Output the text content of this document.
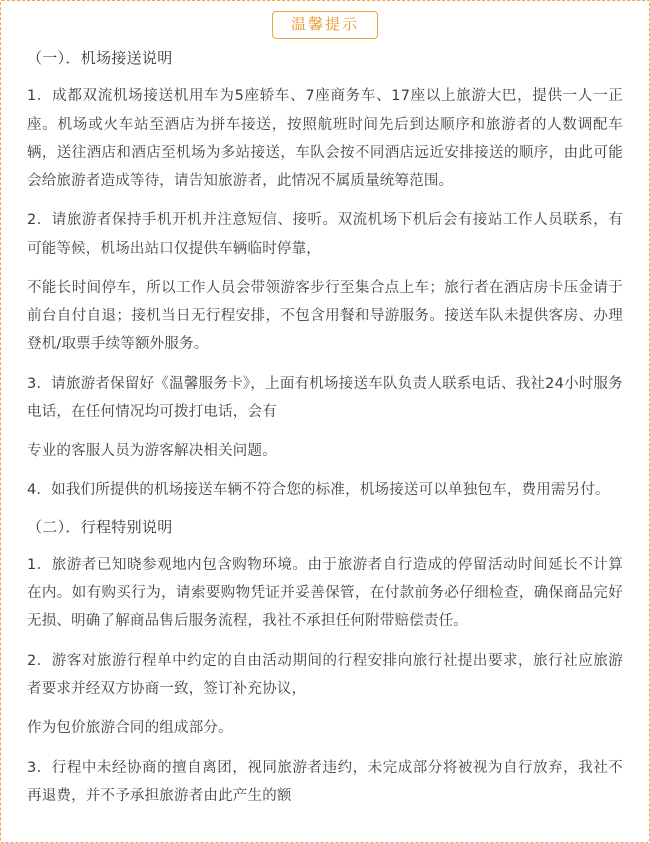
温馨提示

（一）．机场接送说明

1．成都双流机场接送机用车为5座轿车、7座商务车、17座以上旅游大巴，提供一人一正座。机场或火车站至酒店为拼车接送，按照航班时间先后到达顺序和旅游者的人数调配车辆，送往酒店和酒店至机场为多站接送，车队会按不同酒店远近安排接送的顺序，由此可能会给旅游者造成等待，请告知旅游者，此情况不属质量统筹范围。

2．请旅游者保持手机开机并注意短信、接听。双流机场下机后会有接站工作人员联系，有可能等候，机场出站口仅提供车辆临时停靠，

不能长时间停车，所以工作人员会带领游客步行至集合点上车；旅行者在酒店房卡压金请于前台自付自退；接机当日无行程安排，不包含用餐和导游服务。接送车队未提供客房、办理登机/取票手续等额外服务。

3．请旅游者保留好《温馨服务卡》，上面有机场接送车队负责人联系电话、我社24小时服务电话，在任何情况均可拨打电话，会有

专业的客服人员为游客解决相关问题。

4．如我们所提供的机场接送车辆不符合您的标准，机场接送可以单独包车，费用需另付。

（二）．行程特别说明

1．旅游者已知晓参观地内包含购物环境。由于旅游者自行造成的停留活动时间延长不计算在内。如有购买行为，请索要购物凭证并妥善保管，在付款前务必仔细检查，确保商品完好无损、明确了解商品售后服务流程，我社不承担任何附带赔偿责任。

2．游客对旅游行程单中约定的自由活动期间的行程安排向旅行社提出要求，旅行社应旅游者要求并经双方协商一致，签订补充协议，

作为包价旅游合同的组成部分。

3．行程中未经协商的擅自离团，视同旅游者违约，未完成部分将被视为自行放弃，我社不再退费，并不予承担旅游者由此产生的额
